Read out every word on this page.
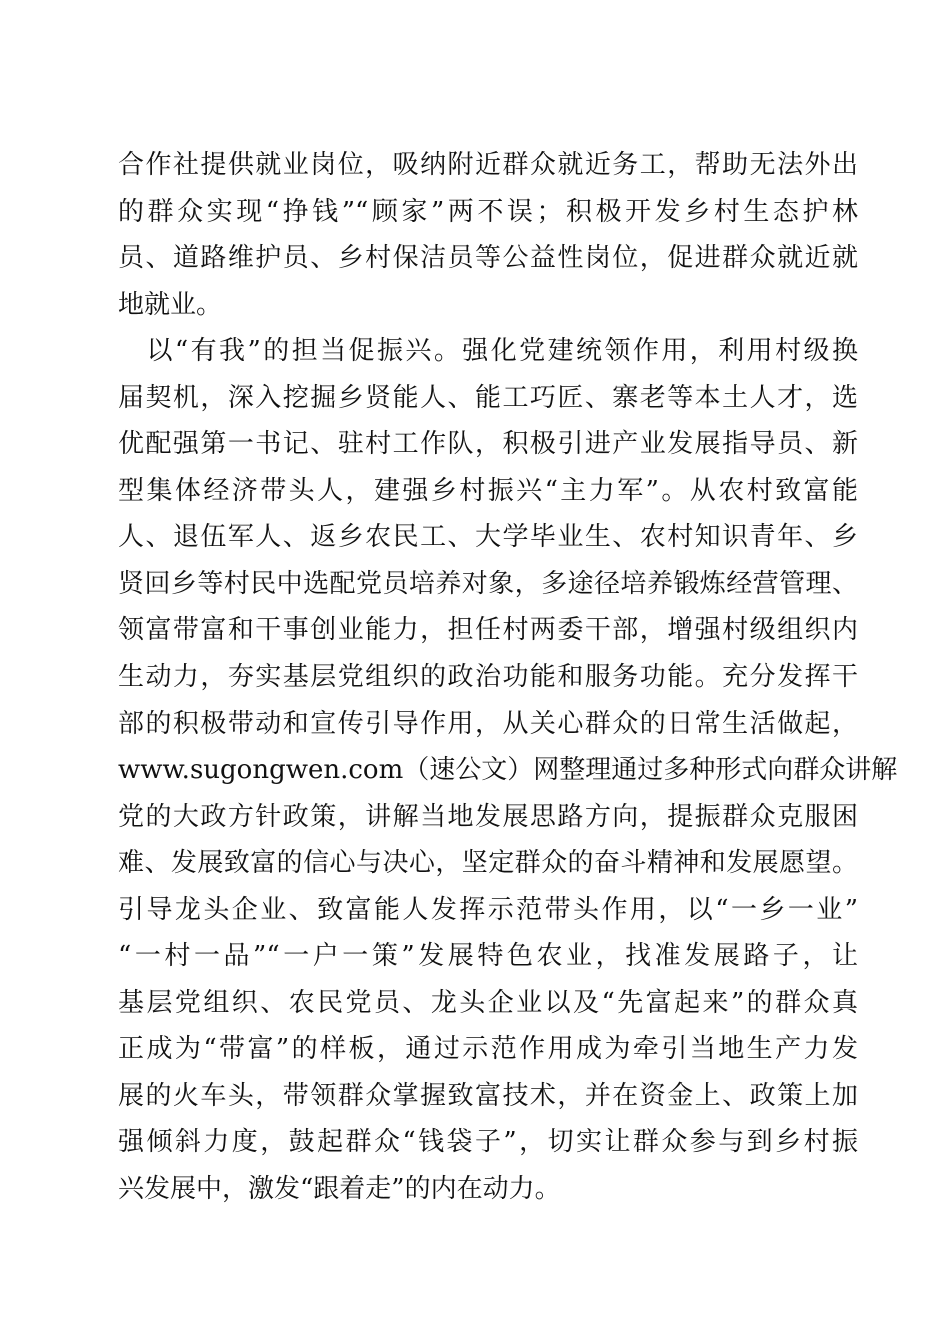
合作社提供就业岗位，吸纳附近群众就近务工，帮助无法外出
的群众实现“挣钱”“顾家”两不误；积极开发乡村生态护林
员、道路维护员、乡村保洁员等公益性岗位，促进群众就近就
地就业。
　以“有我”的担当促振兴。强化党建统领作用，利用村级换
届契机，深入挖掘乡贤能人、能工巧匠、寨老等本土人才，选
优配强第一书记、驻村工作队，积极引进产业发展指导员、新
型集体经济带头人，建强乡村振兴“主力军”。从农村致富能
人、退伍军人、返乡农民工、大学毕业生、农村知识青年、乡
贤回乡等村民中选配党员培养对象，多途径培养锻炼经营管理、
领富带富和干事创业能力，担任村两委干部，增强村级组织内
生动力，夯实基层党组织的政治功能和服务功能。充分发挥干
部的积极带动和宣传引导作用，从关心群众的日常生活做起，
www.sugongwen.com（速公文）网整理通过多种形式向群众讲解
党的大政方针政策，讲解当地发展思路方向，提振群众克服困
难、发展致富的信心与决心，坚定群众的奋斗精神和发展愿望。
引导龙头企业、致富能人发挥示范带头作用，以“一乡一业”
“一村一品”“一户一策”发展特色农业，找准发展路子，让
基层党组织、农民党员、龙头企业以及“先富起来”的群众真
正成为“带富”的样板，通过示范作用成为牵引当地生产力发
展的火车头，带领群众掌握致富技术，并在资金上、政策上加
强倾斜力度，鼓起群众“钱袋子”，切实让群众参与到乡村振
兴发展中，激发“跟着走”的内在动力。
